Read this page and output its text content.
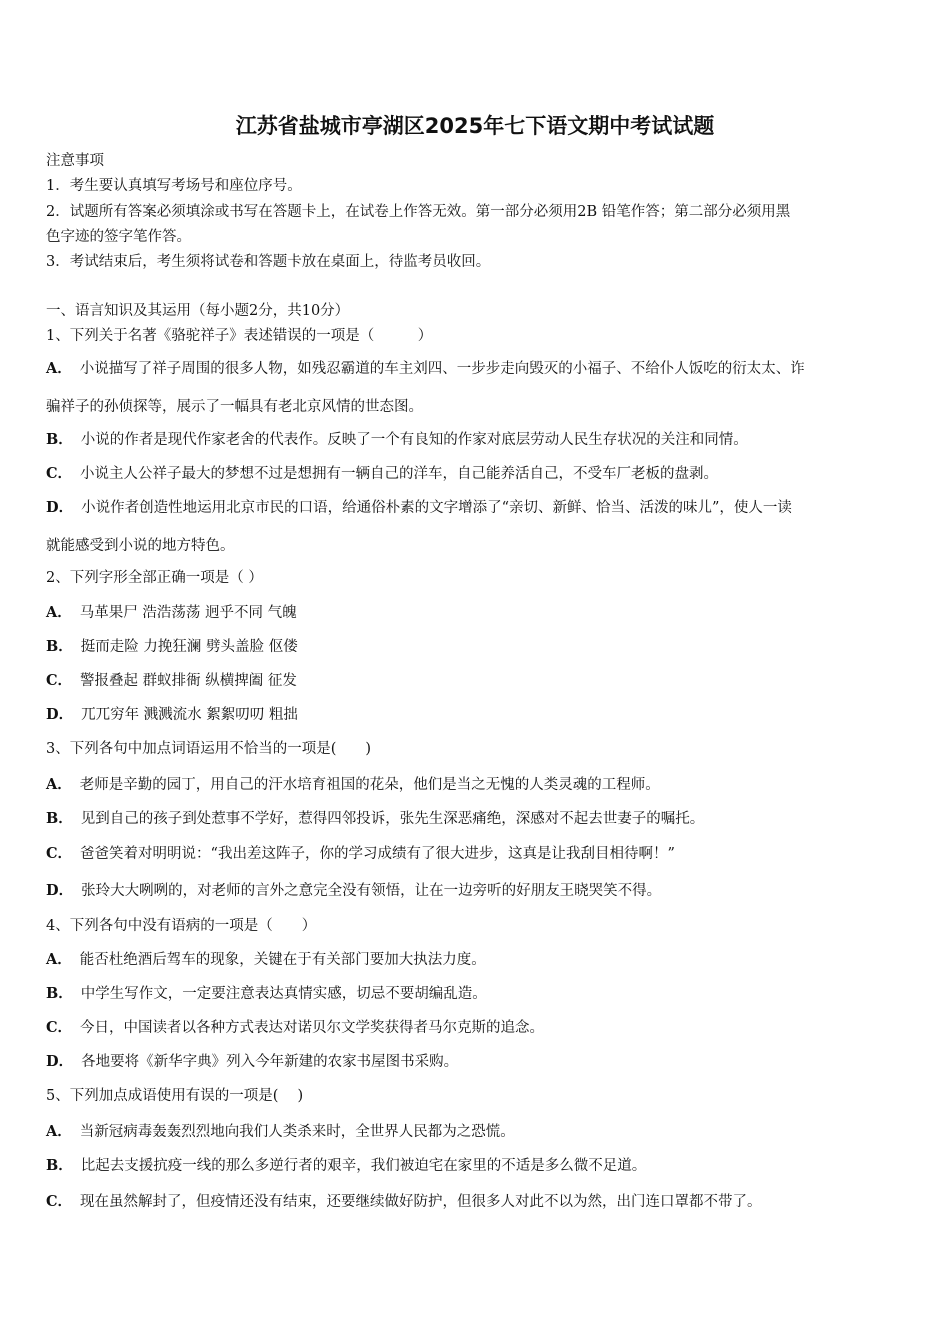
江苏省盐城市亭湖区2025年七下语文期中考试试题
注意事项
1．考生要认真填写考场号和座位序号。
2．试题所有答案必须填涂或书写在答题卡上，在试卷上作答无效。第一部分必须用2B 铅笔作答；第二部分必须用黑
色字迹的签字笔作答。
3．考试结束后，考生须将试卷和答题卡放在桌面上，待监考员收回。
一、语言知识及其运用（每小题2分，共10分）
1、下列关于名著《骆驼祥子》表述错误的一项是（　　　）
A． 小说描写了祥子周围的很多人物，如残忍霸道的车主刘四、一步步走向毁灭的小福子、不给仆人饭吃的衍太太、诈
骗祥子的孙侦探等，展示了一幅具有老北京风情的世态图。
B． 小说的作者是现代作家老舍的代表作。反映了一个有良知的作家对底层劳动人民生存状况的关注和同情。
C． 小说主人公祥子最大的梦想不过是想拥有一辆自己的洋车，自己能养活自己，不受车厂老板的盘剥。
D． 小说作者创造性地运用北京市民的口语，给通俗朴素的文字增添了“亲切、新鲜、恰当、活泼的味儿”，使人一读
就能感受到小说的地方特色。
2、下列字形全部正确一项是（ ）
A． 马革果尸 浩浩荡荡 迥乎不同 气魄
B． 挺而走险 力挽狂澜 劈头盖脸 伛偻
C． 警报叠起 群蚁排衙 纵横捭阖 征发
D． 兀兀穷年 溅溅流水 絮絮叨叨 粗拙
3、下列各句中加点词语运用不恰当的一项是(　　)
A． 老师是辛勤的园丁，用自己的汗水培育祖国的花朵，他们是当之无愧的人类灵魂的工程师。
B． 见到自己的孩子到处惹事不学好，惹得四邻投诉，张先生深恶痛绝，深感对不起去世妻子的嘱托。
C． 爸爸笑着对明明说：“我出差这阵子，你的学习成绩有了很大进步，这真是让我刮目相待啊！”
D． 张玲大大咧咧的，对老师的言外之意完全没有领悟，让在一边旁听的好朋友王晓哭笑不得。
4、下列各句中没有语病的一项是（　　）
A． 能否杜绝酒后驾车的现象，关键在于有关部门要加大执法力度。
B． 中学生写作文，一定要注意表达真情实感，切忌不要胡编乱造。
C． 今日，中国读者以各种方式表达对诺贝尔文学奖获得者马尔克斯的追念。
D． 各地要将《新华字典》列入今年新建的农家书屋图书采购。
5、下列加点成语使用有误的一项是(　 )
A． 当新冠病毒轰轰烈烈地向我们人类杀来时，全世界人民都为之恐慌。
B． 比起去支援抗疫一线的那么多逆行者的艰辛，我们被迫宅在家里的不适是多么微不足道。
C． 现在虽然解封了，但疫情还没有结束，还要继续做好防护，但很多人对此不以为然，出门连口罩都不带了。
